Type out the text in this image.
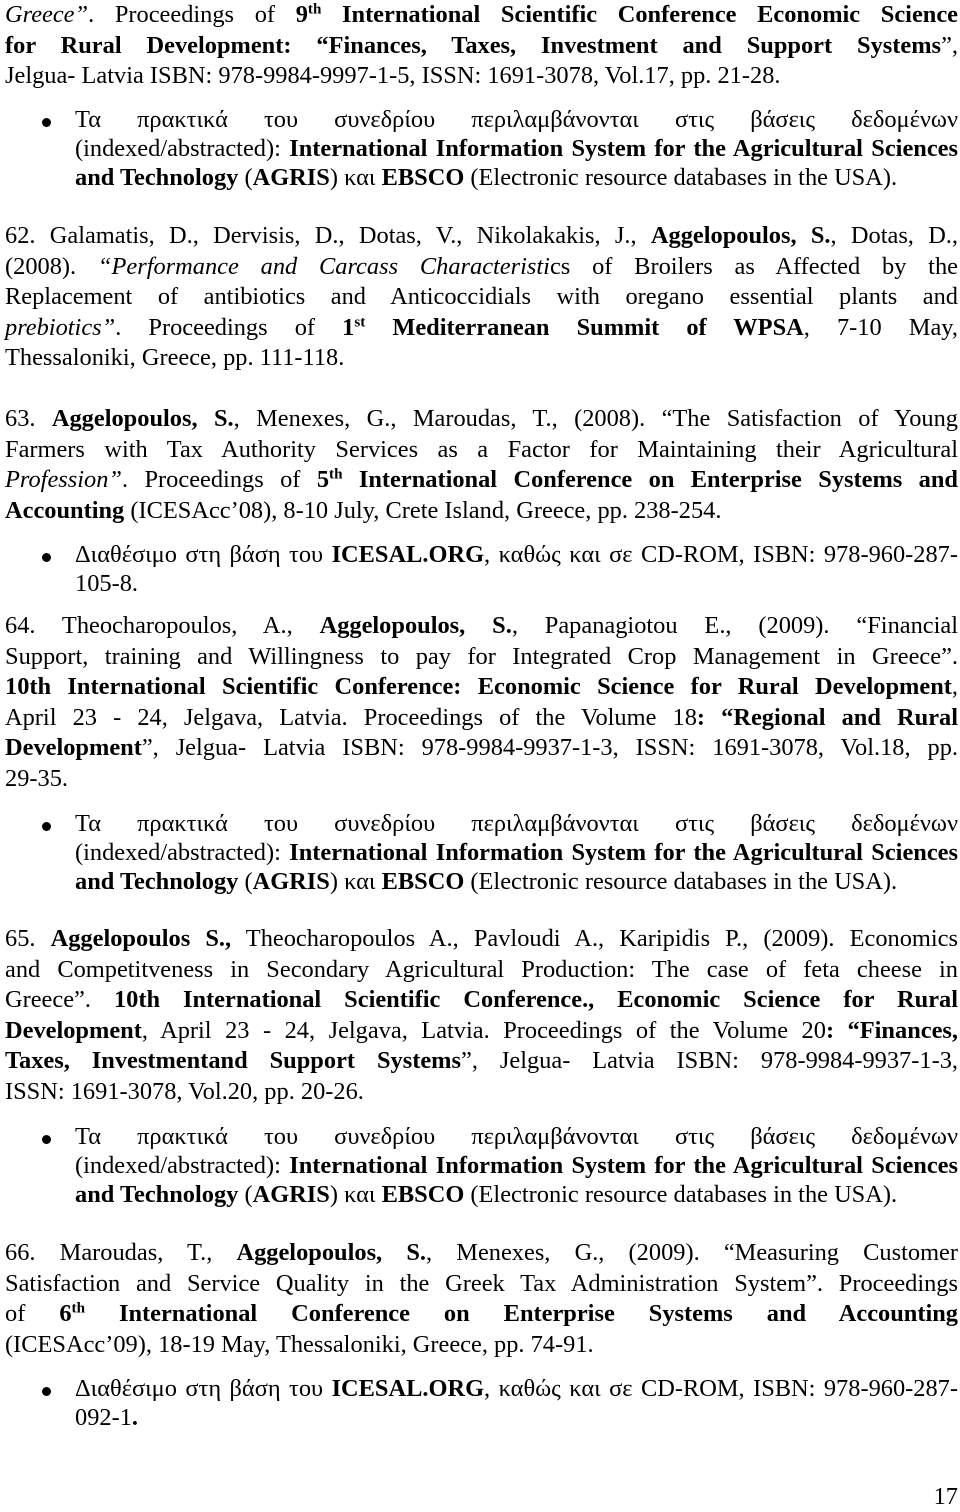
17
Greece”. Proceedings of 9th International Scientific Conference Economic Science
for Rural Development: “Finances, Taxes, Investment and Support Systems”,
Jelgua- Latvia ISBN: 978-9984-9997-1-5, ISSN: 1691-3078, Vol.17, pp. 21-28.
Τα πρακτικά του συνεδρίου περιλαμβάνονται στις βάσεις δεδομένων
(indexed/abstracted): International Information System for the Agricultural Sciences
and Technology (AGRIS) και EBSCO (Electronic resource databases in the USA).
62. Galamatis, D., Dervisis, D., Dotas, V., Nikolakakis, J., Aggelopoulos, S., Dotas, D.,
(2008). “Performance and Carcass Characteristics of Broilers as Affected by the
Replacement of antibiotics and Anticoccidials with oregano essential plants and
prebiotics”. Proceedings of 1st Mediterranean Summit of WPSA, 7-10 May,
Thessaloniki, Greece, pp. 111-118.
63. Aggelopoulos, S., Menexes, G., Maroudas, T., (2008). “The Satisfaction of Young
Farmers with Tax Authority Services as a Factor for Maintaining their Agricultural
Profession”. Proceedings of 5th International Conference on Enterprise Systems and
Accounting (ICESAcc’08), 8-10 July, Crete Island, Greece, pp. 238-254.
Διαθέσιμο στη βάση του ICESAL.ORG, καθώς και σε CD-ROM, ISBN: 978-960-287-
105-8.
64. Theocharopoulos, A., Aggelopoulos, S., Papanagiotou E., (2009). “Financial
Support, training and Willingness to pay for Integrated Crop Management in Greece”.
10th International Scientific Conference: Economic Science for Rural Development,
April 23 - 24, Jelgava, Latvia. Proceedings of the Volume 18: “Regional and Rural
Development”, Jelgua- Latvia ISBN: 978-9984-9937-1-3, ISSN: 1691-3078, Vol.18, pp.
29-35.
Τα πρακτικά του συνεδρίου περιλαμβάνονται στις βάσεις δεδομένων
(indexed/abstracted): International Information System for the Agricultural Sciences
and Technology (AGRIS) και EBSCO (Electronic resource databases in the USA).
65. Aggelopoulos S., Theocharopoulos A., Pavloudi A., Karipidis P., (2009). Economics
and Competitveness in Secondary Agricultural Production: The case of feta cheese in
Greece”. 10th International Scientific Conference., Economic Science for Rural
Development, April 23 - 24, Jelgava, Latvia. Proceedings of the Volume 20: “Finances,
Taxes, Investmentand Support Systems”, Jelgua- Latvia ISBN: 978-9984-9937-1-3,
ISSN: 1691-3078, Vol.20, pp. 20-26.
Τα πρακτικά του συνεδρίου περιλαμβάνονται στις βάσεις δεδομένων
(indexed/abstracted): International Information System for the Agricultural Sciences
and Technology (AGRIS) και EBSCO (Electronic resource databases in the USA).
66. Maroudas, T., Aggelopoulos, S., Menexes, G., (2009). “Measuring Customer
Satisfaction and Service Quality in the Greek Tax Administration System”. Proceedings
of 6th International Conference on Enterprise Systems and Accounting
(ICESAcc’09), 18-19 May, Thessaloniki, Greece, pp. 74-91.
Διαθέσιμο στη βάση του ICESAL.ORG, καθώς και σε CD-ROM, ISBN: 978-960-287-
092-1.
